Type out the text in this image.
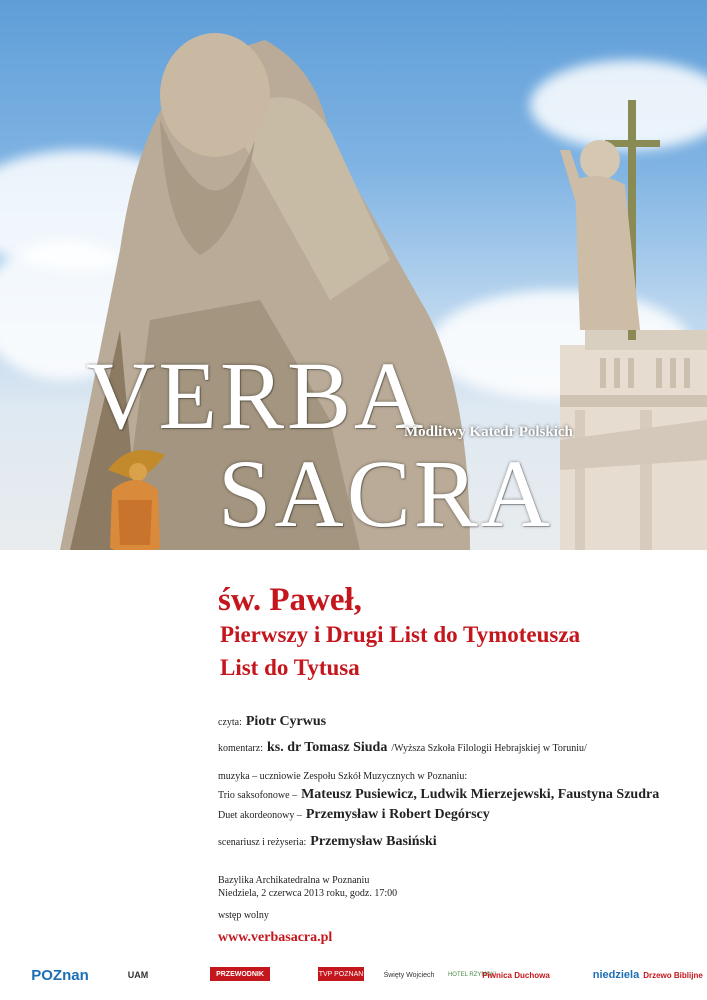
VERBA
Modlitwy Katedr Polskich
SACRA
św. Paweł,
Pierwszy i Drugi List do Tymoteusza
List do Tytusa
czyta: Piotr Cyrwus
komentarz: ks. dr Tomasz Siuda /Wyższa Szkoła Filologii Hebrajskiej w Toruniu/
muzyka – uczniowie Zespołu Szkół Muzycznych w Poznaniu:
Trio saksofonowe – Mateusz Pusiewicz, Ludwik Mierzejewski, Faustyna Szudra
Duet akordeonowy – Przemysław i Robert Degórscy
scenariusz i reżyseria: Przemysław Basiński
Bazylika Archikatedralna w Poznaniu
Niedziela, 2 czerwca 2013 roku, godz. 17:00
wstęp wolny
www.verbasacra.pl
POZnan	UAM	PRZEWODNIK	TVP POZNAN	Święty Wojciech	HOTEL RZYMSKI
Piwnica Duchowa	niedziela Drzewo Biblijne
